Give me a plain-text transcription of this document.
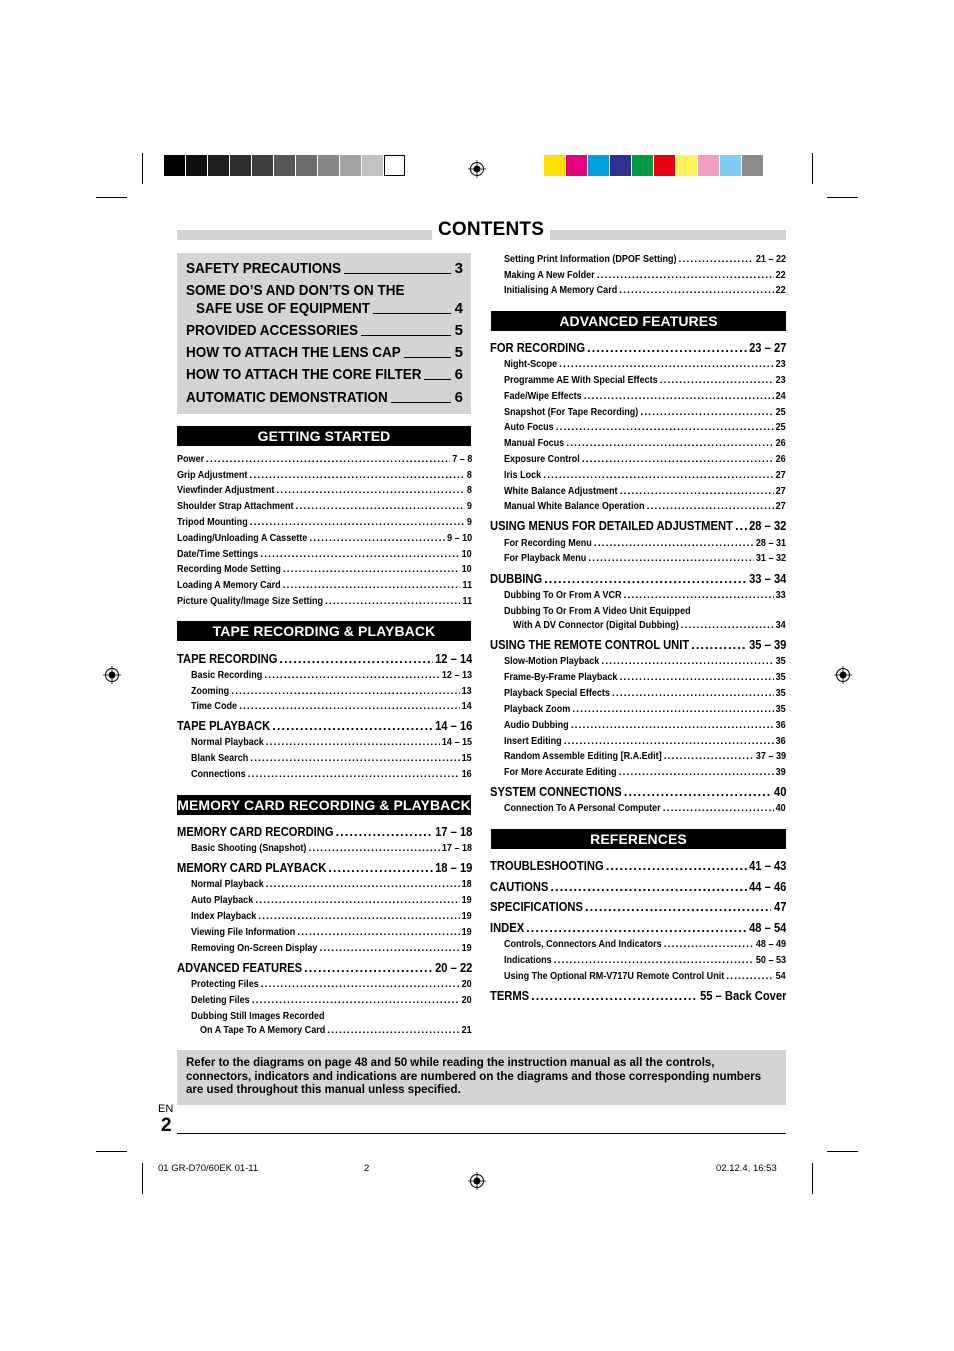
CONTENTS
GETTING STARTED
TAPE RECORDING & PLAYBACK
MEMORY CARD RECORDING & PLAYBACK
ADVANCED FEATURES
REFERENCES
Power .....	7 – 8
Grip Adjustment .....	8
Viewfinder Adjustment .....	8
Shoulder Strap Attachment .....	9
Tripod Mounting .....	9
Loading/Unloading A Cassette .....	9 – 10
Date/Time Settings .....	10
Recording Mode Setting .....	10
Loading A Memory Card .....	11
Picture Quality/Image Size Setting .....	11
TAPE RECORDING .....	12 – 14
Basic Recording .....	12 – 13
Zooming .....	13
Time Code .....	14
TAPE PLAYBACK .....	14 – 16
Normal Playback .....	14 – 15
Blank Search .....	15
Connections .....	16
MEMORY CARD RECORDING .....	17 – 18
Basic Shooting (Snapshot) .....	17 – 18
MEMORY CARD PLAYBACK .....	18 – 19
Normal Playback .....	18
Auto Playback .....	19
Index Playback .....	19
Viewing File Information .....	19
Removing On-Screen Display .....	19
ADVANCED FEATURES .....	20 – 22
Protecting Files .....	20
Deleting Files .....	20
Dubbing Still Images Recorded
On A Tape To A Memory Card .....	21
Setting Print Information (DPOF Setting) .....	21 – 22
Making A New Folder .....	22
Initialising A Memory Card .....	22
FOR RECORDING .....	23 – 27
Night-Scope .....	23
Programme AE With Special Effects .....	23
Fade/Wipe Effects .....	24
Snapshot (For Tape Recording) .....	25
Auto Focus .....	25
Manual Focus .....	26
Exposure Control .....	26
Iris Lock .....	27
White Balance Adjustment .....	27
Manual White Balance Operation .....	27
USING MENUS FOR DETAILED ADJUSTMENT ..... 28 – 32
For Recording Menu .....	28 – 31
For Playback Menu .....	31 – 32
DUBBING .....	33 – 34
Dubbing To Or From A VCR .....	33
Dubbing To Or From A Video Unit Equipped
With A DV Connector (Digital Dubbing) .....	34
USING THE REMOTE CONTROL UNIT .....	35 – 39
Slow-Motion Playback .....	35
Frame-By-Frame Playback .....	35
Playback Special Effects .....	35
Playback Zoom .....	35
Audio Dubbing .....	36
Insert Editing .....	36
Random Assemble Editing [R.A.Edit] .....	37 – 39
For More Accurate Editing .....	39
SYSTEM CONNECTIONS .....	40
Connection To A Personal Computer .....	40
TROUBLESHOOTING .....	41 – 43
CAUTIONS .....	44 – 46
SPECIFICATIONS .....	47
INDEX .....	48 – 54
Controls, Connectors And Indicators .....	48 – 49
Indications .....	50 – 53
Using The Optional RM-V717U Remote Control Unit .....	54
TERMS .....	55 – Back Cover
Refer to the diagrams on page 48 and 50 while reading the instruction manual as all the controls, connectors, indicators and indications are numbered on the diagrams and those corresponding numbers are used throughout this manual unless specified.
EN
2
01 GR-D70/60EK 01-11	2	02.12.4, 16:53
SAFETY PRECAUTIONS	3
SOME DO’S AND DON’TS ON THE
SAFE USE OF EQUIPMENT	4
PROVIDED ACCESSORIES	5
HOW TO ATTACH THE LENS CAP	5
HOW TO ATTACH THE CORE FILTER 6
AUTOMATIC DEMONSTRATION	6
